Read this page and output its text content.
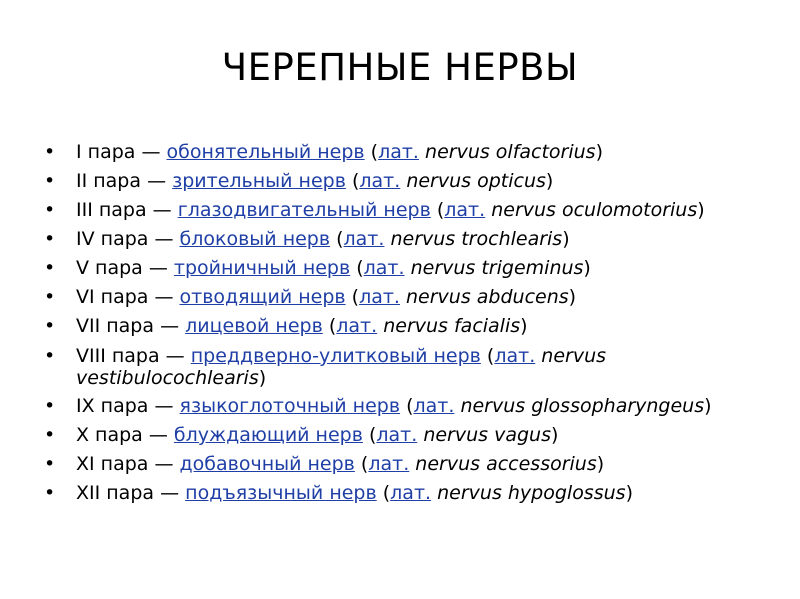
ЧЕРЕПНЫЕ НЕРВЫ
• I пара — обонятельный нерв (лат. nervus olfactorius)
• II пара — зрительный нерв (лат. nervus opticus)
• III пара — глазодвигательный нерв (лат. nervus oculomotorius)
• IV пара — блоковый нерв (лат. nervus trochlearis)
• V пара — тройничный нерв (лат. nervus trigeminus)
• VI пара — отводящий нерв (лат. nervus abducens)
• VII пара — лицевой нерв (лат. nervus facialis)
• VIII пара — преддверно-улитковый нерв (лат. nervus vestibulocochlearis)
• IX пара — языкоглоточный нерв (лат. nervus glossopharyngeus)
• X пара — блуждающий нерв (лат. nervus vagus)
• XI пара — добавочный нерв (лат. nervus accessorius)
• XII пара — подъязычный нерв (лат. nervus hypoglossus)
